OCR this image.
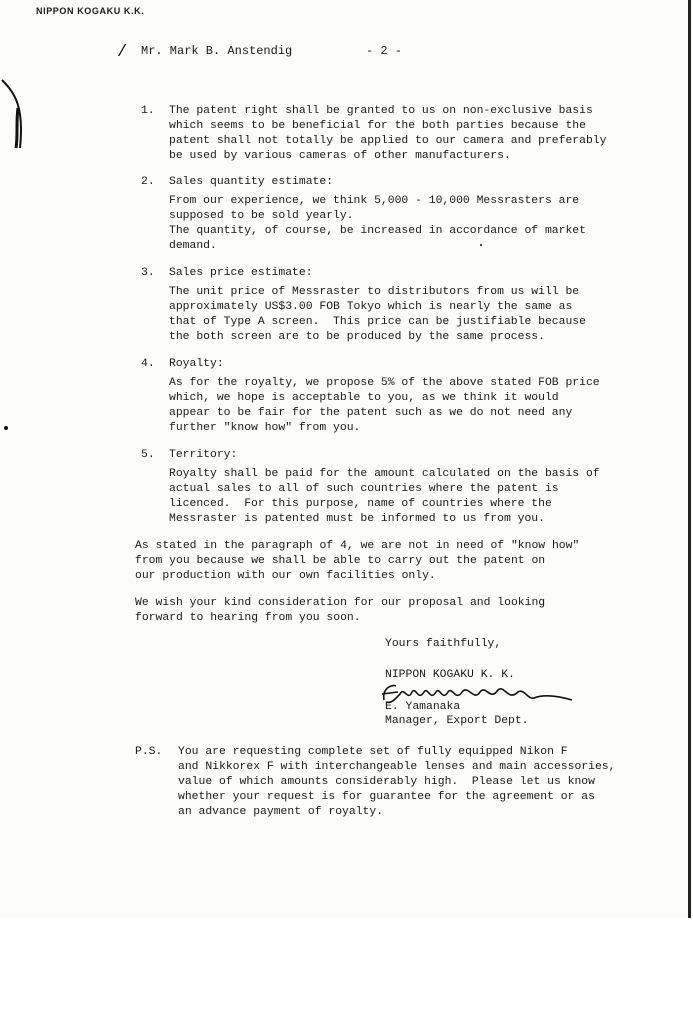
NIPPON KOGAKU K.K.
/ Mr. Mark B. Anstendig	- 2 -
1. The patent right shall be granted to us on non-exclusive basis
which seems to be beneficial for the both parties because the
patent shall not totally be applied to our camera and preferably
be used by various cameras of other manufacturers.
2. Sales quantity estimate:
From our experience, we think 5,000 - 10,000 Messrasters are
supposed to be sold yearly.
The quantity, of course, be increased in accordance of market
demand.
3. Sales price estimate:
The unit price of Messraster to distributors from us will be
approximately US$3.00 FOB Tokyo which is nearly the same as
that of Type A screen.  This price can be justifiable because
the both screen are to be produced by the same process.
4. Royalty:
As for the royalty, we propose 5% of the above stated FOB price
which, we hope is acceptable to you, as we think it would
appear to be fair for the patent such as we do not need any
further "know how" from you.
5. Territory:
Royalty shall be paid for the amount calculated on the basis of
actual sales to all of such countries where the patent is
licenced.  For this purpose, name of countries where the
Messraster is patented must be informed to us from you.
As stated in the paragraph of 4, we are not in need of "know how"
from you because we shall be able to carry out the patent on
our production with our own facilities only.
We wish your kind consideration for our proposal and looking
forward to hearing from you soon.
Yours faithfully,
NIPPON KOGAKU K. K.
E. Yamanaka
Manager, Export Dept.
P.S. You are requesting complete set of fully equipped Nikon F
and Nikkorex F with interchangeable lenses and main accessories,
value of which amounts considerably high.  Please let us know
whether your request is for guarantee for the agreement or as
an advance payment of royalty.
